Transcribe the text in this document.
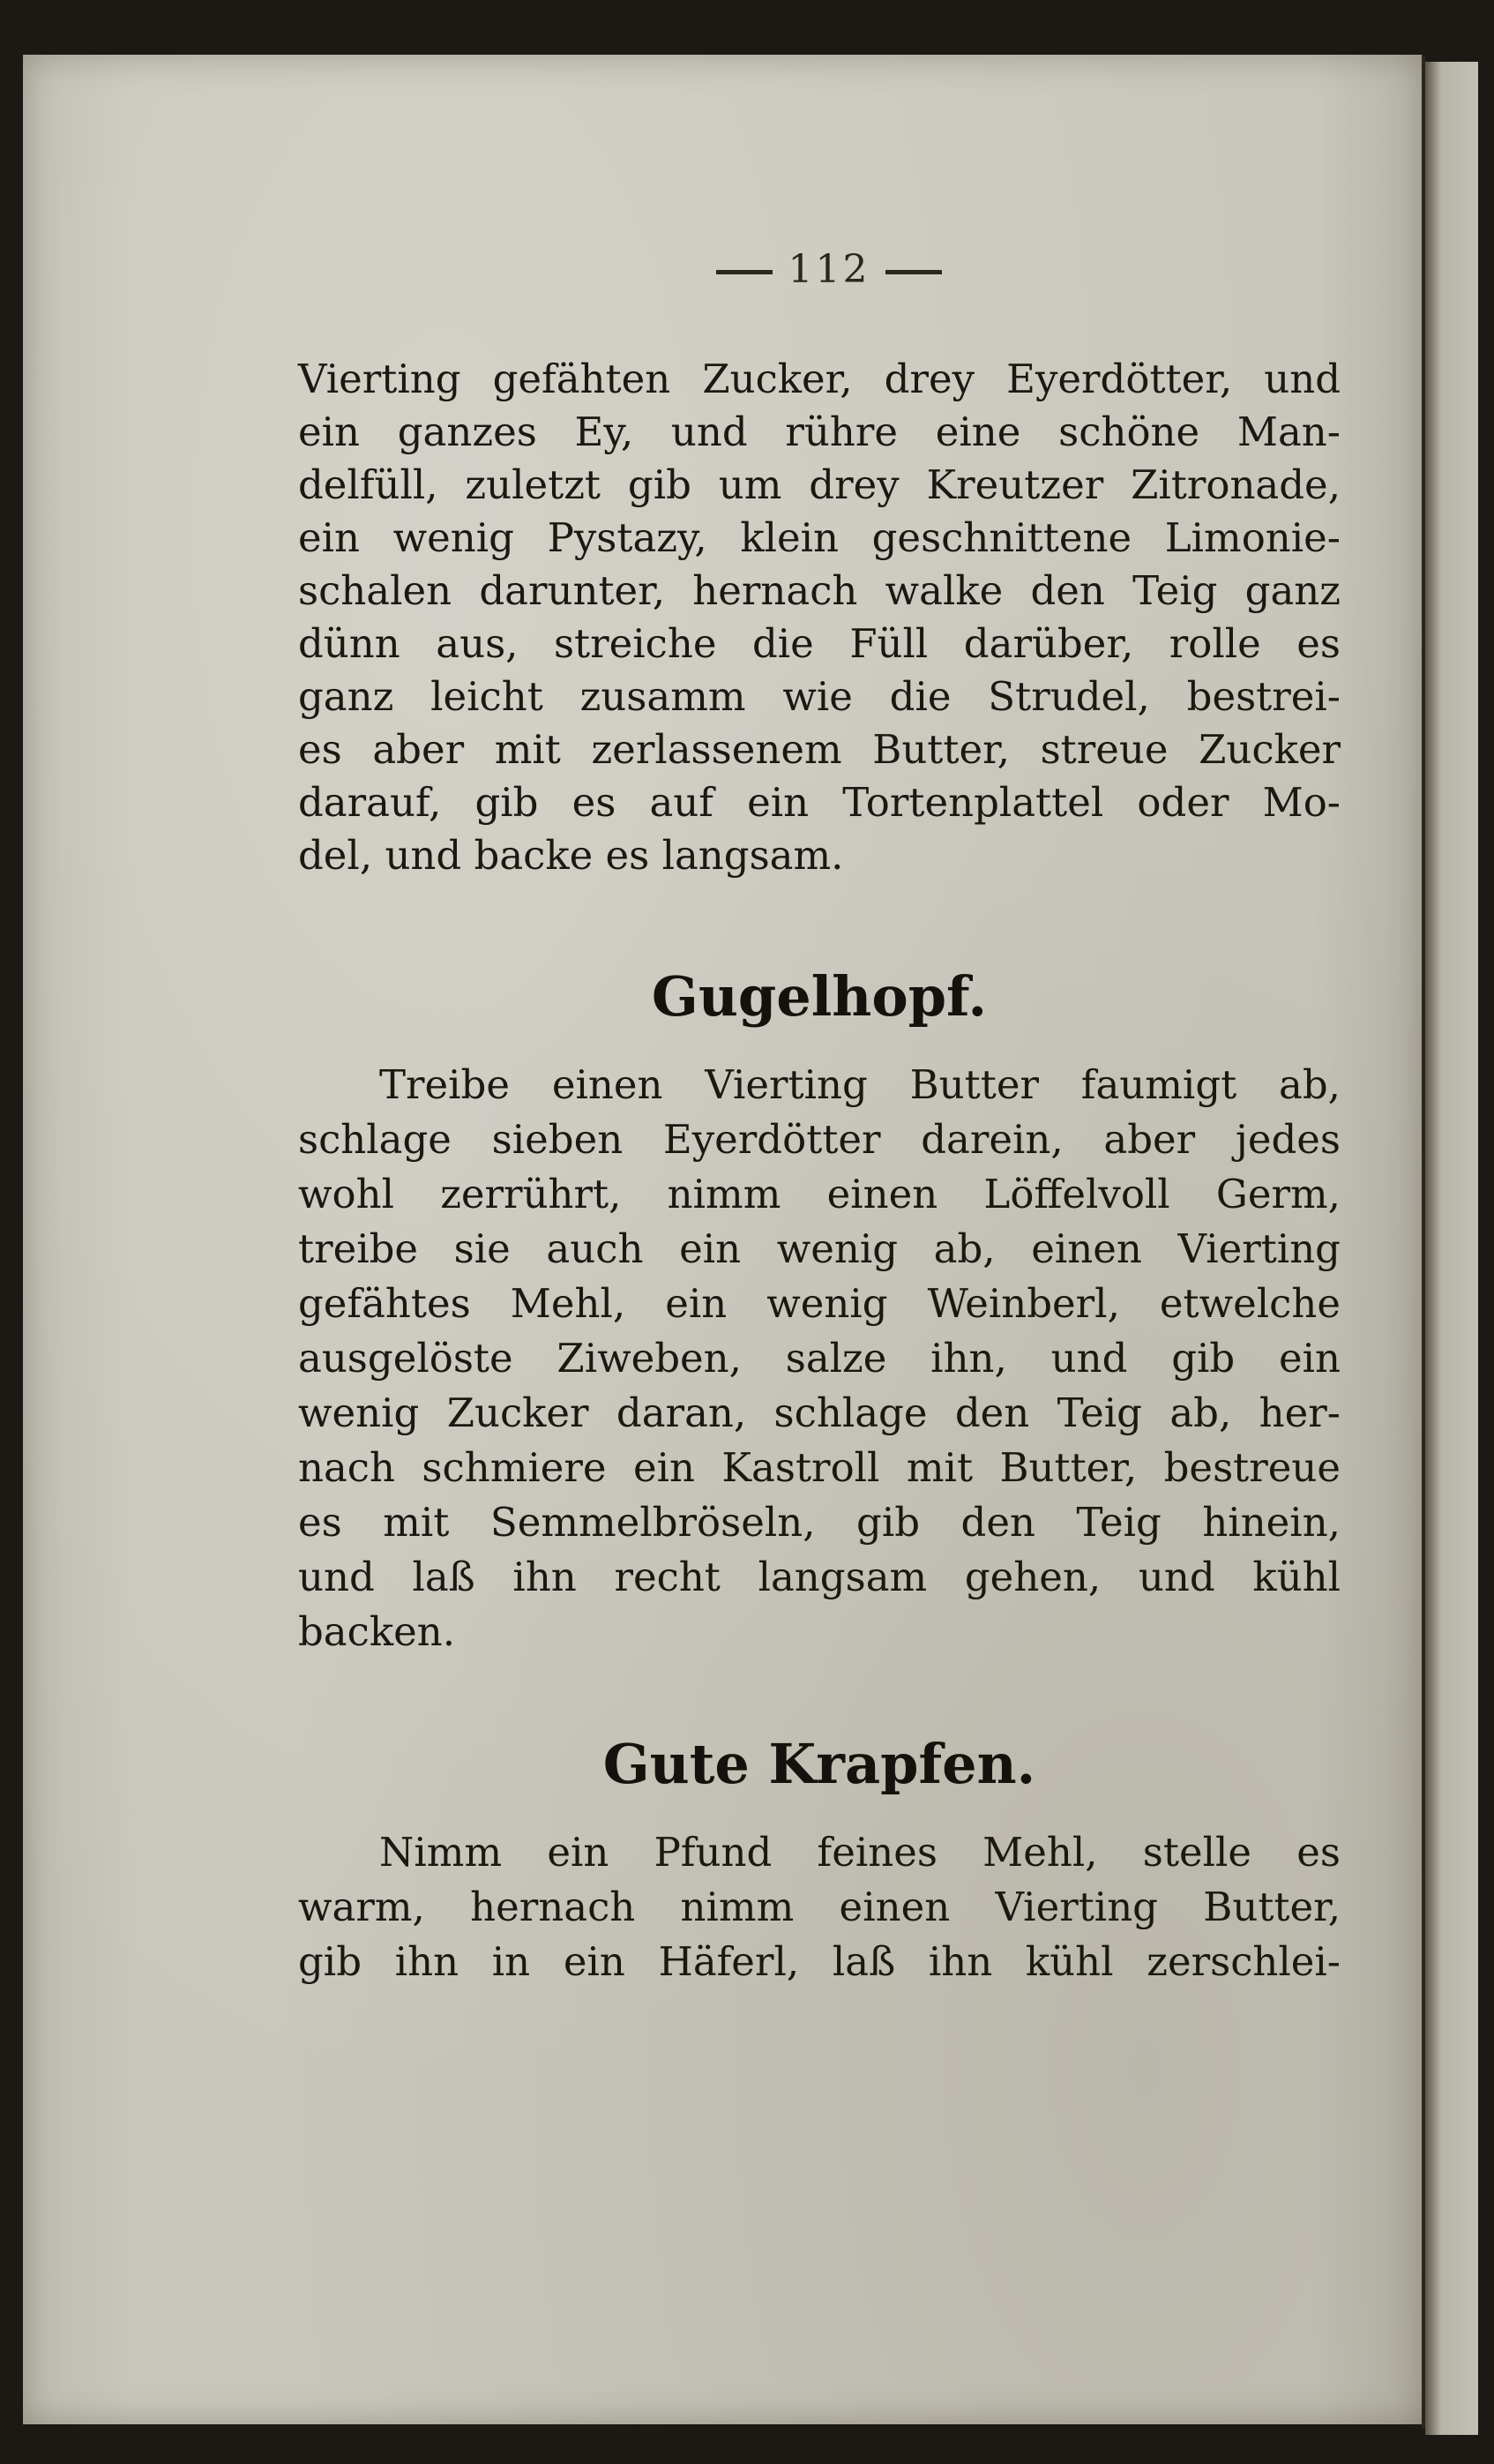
112
Vierting gefähten Zucker, drey Eyerdötter, und
ein ganzes Ey, und rühre eine schöne Man-
delfüll, zuletzt gib um drey Kreutzer Zitronade,
ein wenig Pystazy, klein geschnittene Limonie-
schalen darunter, hernach walke den Teig ganz
dünn aus, streiche die Füll darüber, rolle es
ganz leicht zusamm wie die Strudel, bestrei-
es aber mit zerlassenem Butter, streue Zucker
darauf, gib es auf ein Tortenplattel oder Mo-
del, und backe es langsam.
Gugelhopf.
Treibe einen Vierting Butter faumigt ab,
schlage sieben Eyerdötter darein, aber jedes
wohl zerrührt, nimm einen Löffelvoll Germ,
treibe sie auch ein wenig ab, einen Vierting
gefähtes Mehl, ein wenig Weinberl, etwelche
ausgelöste Ziweben, salze ihn, und gib ein
wenig Zucker daran, schlage den Teig ab, her-
nach schmiere ein Kastroll mit Butter, bestreue
es mit Semmelbröseln, gib den Teig hinein,
und laß ihn recht langsam gehen, und kühl
backen.
Gute Krapfen.
Nimm ein Pfund feines Mehl, stelle es
warm, hernach nimm einen Vierting Butter,
gib ihn in ein Häferl, laß ihn kühl zerschlei-
